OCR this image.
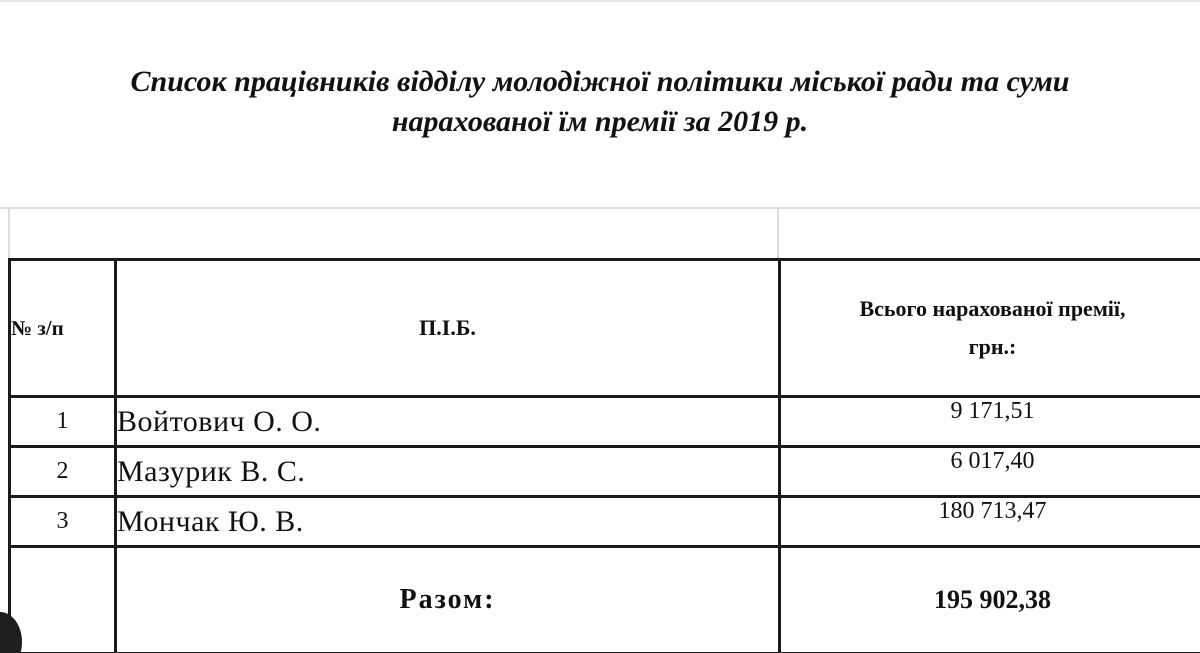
Список працівників відділу молодіжної політики міської ради та суми
нарахованої їм премії за 2019 р.
№ з/п	П.І.Б.	Всього нарахованої премії,
грн.:

1	Войтович О. О.	9 171,51
2	Мазурик В. С.	6 017,40
3	Мончак Ю. В.	180 713,47
	Разом:	195 902,38
